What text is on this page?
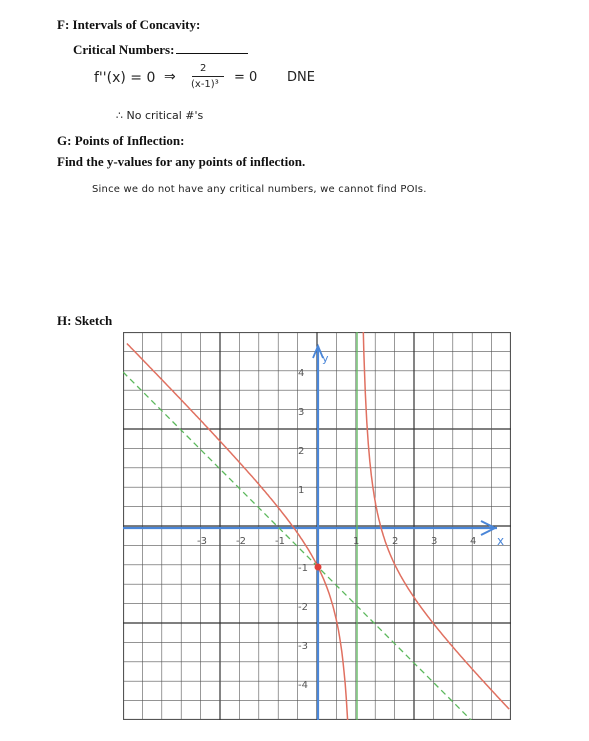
F: Intervals of Concavity:
Critical Numbers:
f''(x) = 0 ⇒
2
(x-1)³ = 0 DNE
∴ No critical #'s
G: Points of Inflection:
Find the y-values for any points of inflection.
Since we do not have any critical numbers, we cannot find POIs.
H: Sketch
-3	-2	-1	1	2	3	4
4
3
2
1
-1
-2
-3
-4
x
y
